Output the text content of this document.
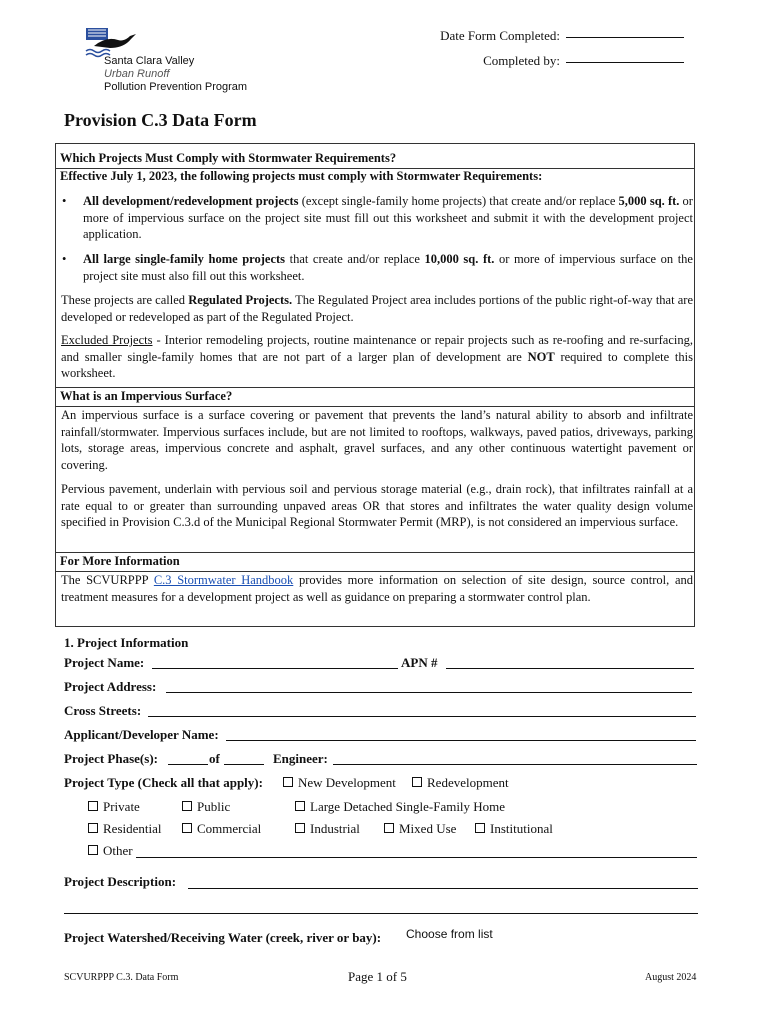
Santa Clara Valley
Urban Runoff
Pollution Prevention Program
Date Form Completed:
Completed by:
Provision C.3 Data Form
Which Projects Must Comply with Stormwater Requirements?
Effective July 1, 2023, the following projects must comply with Stormwater Requirements:
• All development/redevelopment projects (except single-family home projects) that create and/or replace 5,000 sq. ft. or more of impervious surface on the project site must fill out this worksheet and submit it with the development project application.
• All large single-family home projects that create and/or replace 10,000 sq. ft. or more of impervious surface on the project site must also fill out this worksheet.
These projects are called Regulated Projects. The Regulated Project area includes portions of the public right-of-way that are developed or redeveloped as part of the Regulated Project.
Excluded Projects - Interior remodeling projects, routine maintenance or repair projects such as re-roofing and re-surfacing, and smaller single-family homes that are not part of a larger plan of development are NOT required to complete this worksheet.
What is an Impervious Surface?
An impervious surface is a surface covering or pavement that prevents the land’s natural ability to absorb and infiltrate rainfall/stormwater. Impervious surfaces include, but are not limited to rooftops, walkways, paved patios, driveways, parking lots, storage areas, impervious concrete and asphalt, gravel surfaces, and any other continuous watertight pavement or covering.
Pervious pavement, underlain with pervious soil and pervious storage material (e.g., drain rock), that infiltrates rainfall at a rate equal to or greater than surrounding unpaved areas OR that stores and infiltrates the water quality design volume specified in Provision C.3.d of the Municipal Regional Stormwater Permit (MRP), is not considered an impervious surface.
For More Information
The SCVURPPP C.3 Stormwater Handbook provides more information on selection of site design, source control, and treatment measures for a development project as well as guidance on preparing a stormwater control plan.
1. Project Information
Project Name:	APN #
Project Address:
Cross Streets:
Applicant/Developer Name:
Project Phase(s):	of	Engineer:
Project Type (Check all that apply):	New Development	Redevelopment
Private	Public	Large Detached Single-Family Home
Residential	Commercial	Industrial	Mixed Use	Institutional
Other
Project Description:
Project Watershed/Receiving Water (creek, river or bay): Choose from list
SCVURPPP C.3. Data Form	Page 1 of 5	August 2024
